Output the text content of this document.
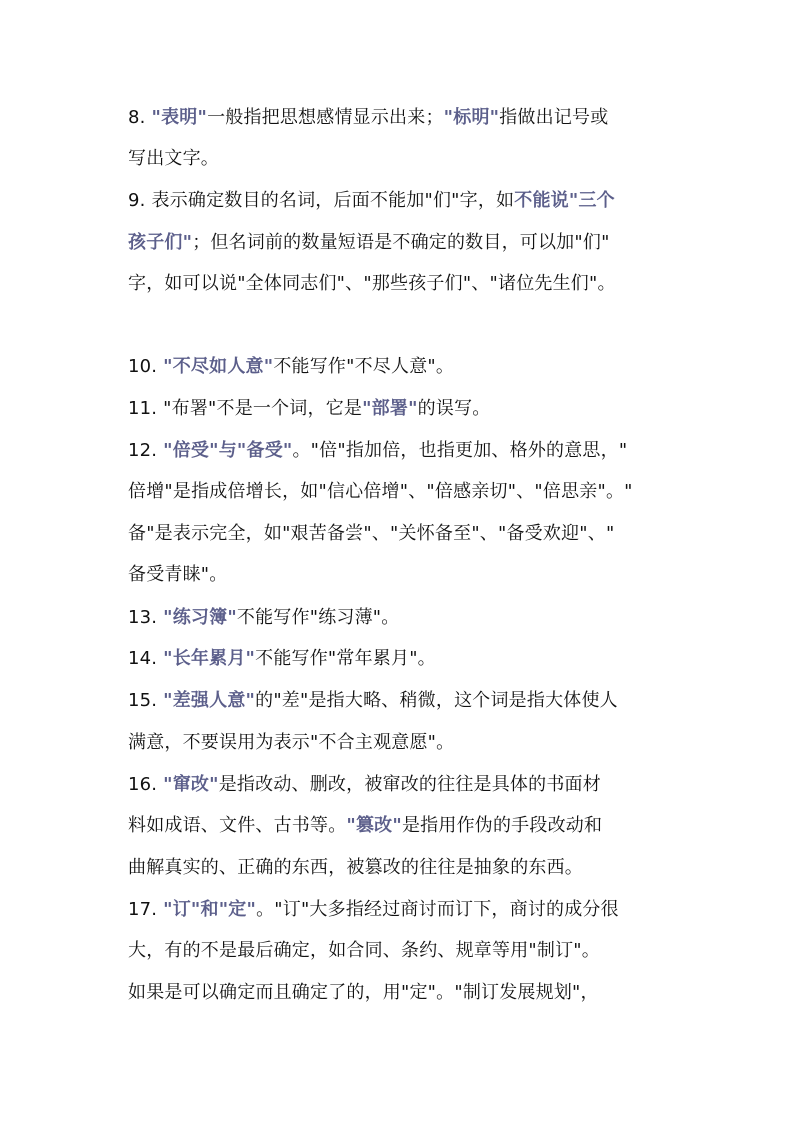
8. "表明"一般指把思想感情显示出来；"标明"指做出记号或
写出文字。
9. 表示确定数目的名词，后面不能加"们"字，如不能说"三个
孩子们"；但名词前的数量短语是不确定的数目，可以加"们"
字，如可以说"全体同志们"、"那些孩子们"、"诸位先生们"。
10. "不尽如人意"不能写作"不尽人意"。
11. "布署"不是一个词，它是"部署"的误写。
12. "倍受"与"备受"。"倍"指加倍，也指更加、格外的意思，"
倍增"是指成倍增长，如"信心倍增"、"倍感亲切"、"倍思亲"。"
备"是表示完全，如"艰苦备尝"、"关怀备至"、"备受欢迎"、"
备受青睐"。
13. "练习簿"不能写作"练习薄"。
14. "长年累月"不能写作"常年累月"。
15. "差强人意"的"差"是指大略、稍微，这个词是指大体使人
满意，不要误用为表示"不合主观意愿"。
16. "窜改"是指改动、删改，被窜改的往往是具体的书面材
料如成语、文件、古书等。"篡改"是指用作伪的手段改动和
曲解真实的、正确的东西，被篡改的往往是抽象的东西。
17. "订"和"定"。"订"大多指经过商讨而订下，商讨的成分很
大，有的不是最后确定，如合同、条约、规章等用"制订"。
如果是可以确定而且确定了的，用"定"。"制订发展规划"，
